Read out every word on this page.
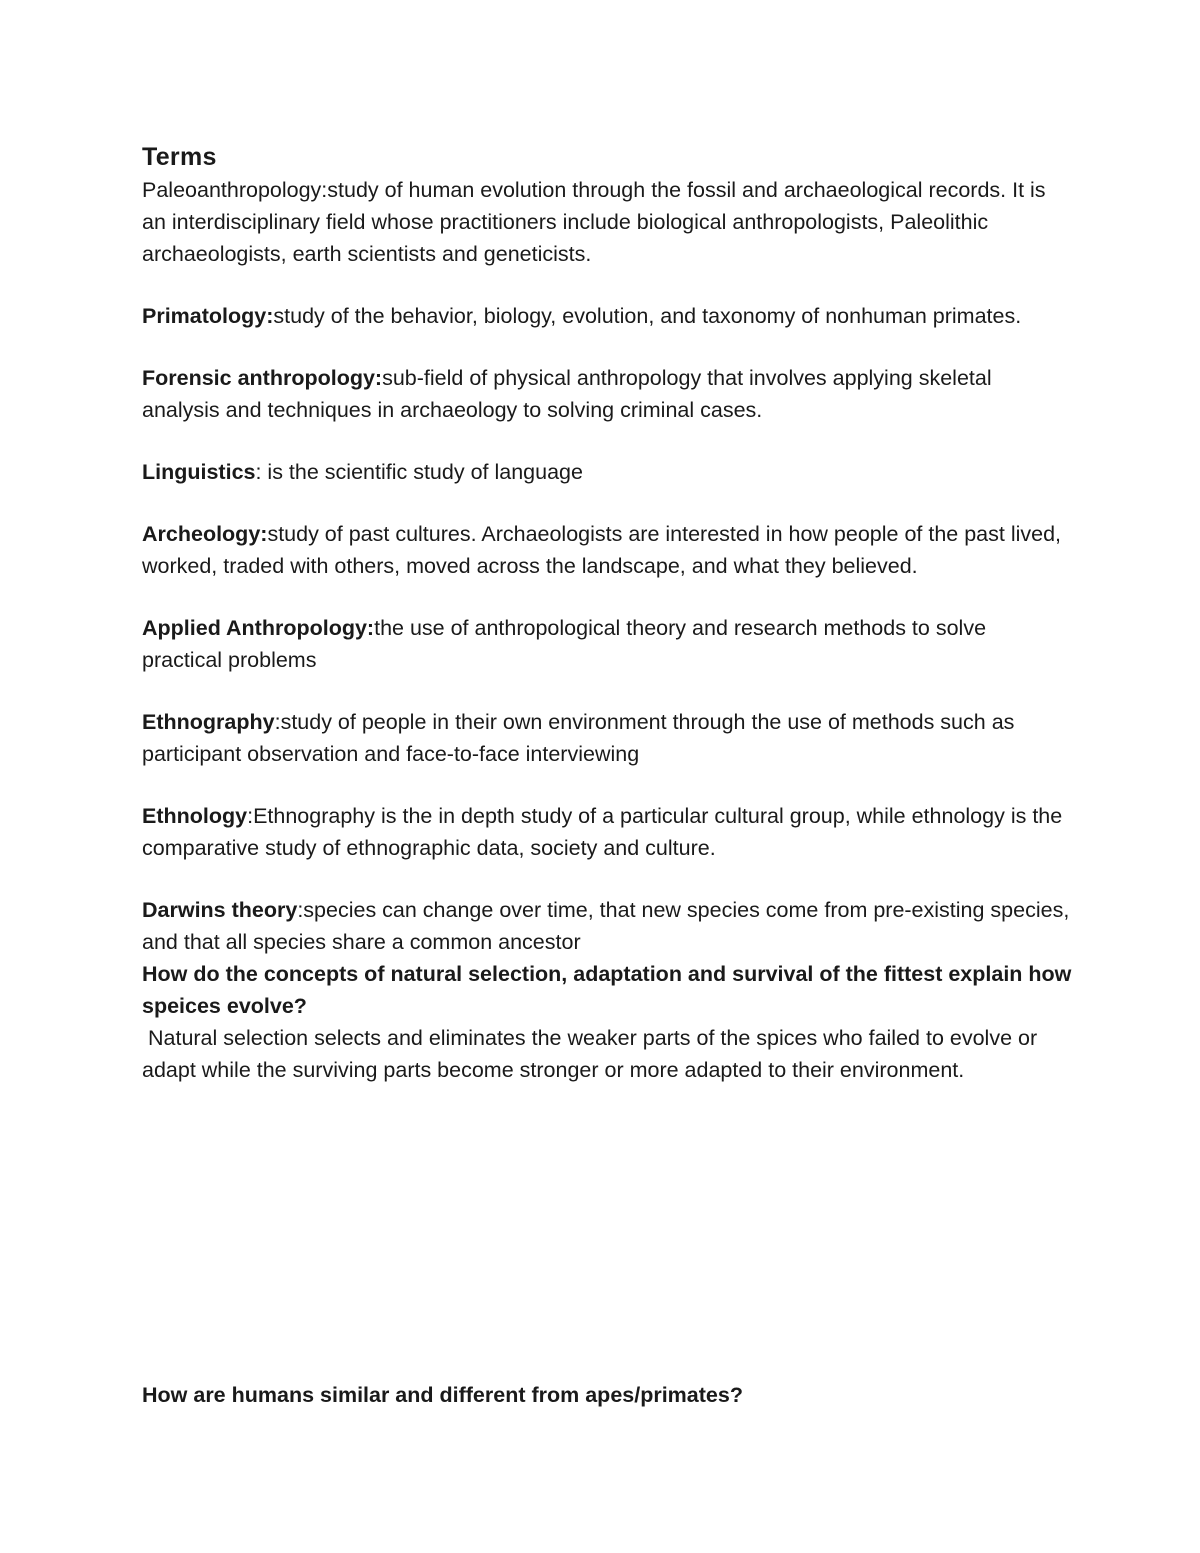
Terms

Paleoanthropology:study of human evolution through the fossil and archaeological records. It is an interdisciplinary field whose practitioners include biological anthropologists, Paleolithic archaeologists, earth scientists and geneticists.

Primatology:study of the behavior, biology, evolution, and taxonomy of nonhuman primates.

Forensic anthropology:sub-field of physical anthropology that involves applying skeletal analysis and techniques in archaeology to solving criminal cases.

Linguistics: is the scientific study of language

Archeology:study of past cultures. Archaeologists are interested in how people of the past lived, worked, traded with others, moved across the landscape, and what they believed.

Applied Anthropology:the use of anthropological theory and research methods to solve practical problems

Ethnography:study of people in their own environment through the use of methods such as participant observation and face-to-face interviewing

Ethnology:Ethnography is the in depth study of a particular cultural group, while ethnology is the comparative study of ethnographic data, society and culture.

Darwins theory:species can change over time, that new species come from pre-existing species, and that all species share a common ancestor

How do the concepts of natural selection, adaptation and survival of the fittest explain how speices evolve?

Natural selection selects and eliminates the weaker parts of the spices who failed to evolve or adapt while the surviving parts become stronger or more adapted to their environment.

How are humans similar and different from apes/primates?
